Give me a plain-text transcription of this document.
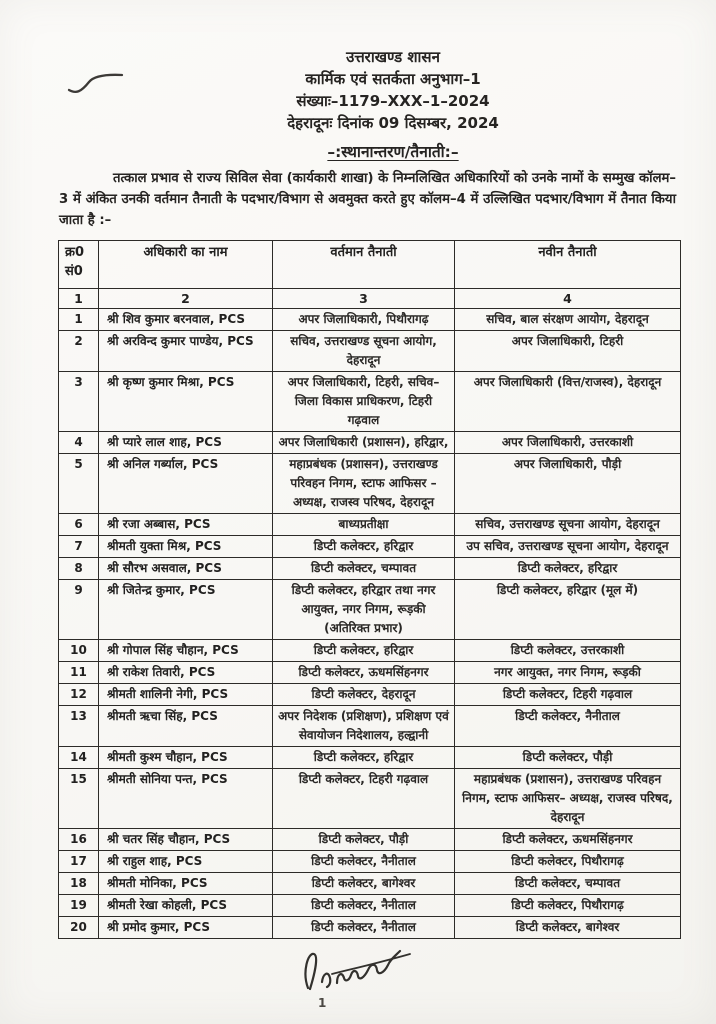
उत्तराखण्ड शासन
कार्मिक एवं सतर्कता अनुभाग–1
संख्याः–1179–XXX–1–2024
देहरादूनः दिनांक 09 दिसम्बर, 2024
–:स्थानान्तरण/तैनाती:–

तत्काल प्रभाव से राज्य सिविल सेवा (कार्यकारी शाखा) के निम्नलिखित अधिकारियों को उनके नामों के सम्मुख कॉलम–3 में अंकित उनकी वर्तमान तैनाती के पदभार/विभाग से अवमुक्त करते हुए कॉलम–4 में उल्लिखित पदभार/विभाग में तैनात किया जाता है :–

क्र0 सं0	अधिकारी का नाम	वर्तमान तैनाती	नवीन तैनाती
1	2	3	4
1	श्री शिव कुमार बरनवाल, PCS	अपर जिलाधिकारी, पिथौरागढ़	सचिव, बाल संरक्षण आयोग, देहरादून
2	श्री अरविन्द कुमार पाण्डेय, PCS	सचिव, उत्तराखण्ड सूचना आयोग, देहरादून	अपर जिलाधिकारी, टिहरी
3	श्री कृष्ण कुमार मिश्रा, PCS	अपर जिलाधिकारी, टिहरी, सचिव–जिला विकास प्राधिकरण, टिहरी गढ़वाल	अपर जिलाधिकारी (वित्त/राजस्व), देहरादून
4	श्री प्यारे लाल शाह, PCS	अपर जिलाधिकारी (प्रशासन), हरिद्वार,	अपर जिलाधिकारी, उत्तरकाशी
5	श्री अनिल गर्ब्याल, PCS	महाप्रबंधक (प्रशासन), उत्तराखण्ड परिवहन निगम, स्टाफ आफिसर –अध्यक्ष, राजस्व परिषद, देहरादून	अपर जिलाधिकारी, पौड़ी
6	श्री रजा अब्बास, PCS	बाध्यप्रतीक्षा	सचिव, उत्तराखण्ड सूचना आयोग, देहरादून
7	श्रीमती युक्ता मिश्र, PCS	डिप्टी कलेक्टर, हरिद्वार	उप सचिव, उत्तराखण्ड सूचना आयोग, देहरादून
8	श्री सौरभ असवाल, PCS	डिप्टी कलेक्टर, चम्पावत	डिप्टी कलेक्टर, हरिद्वार
9	श्री जितेन्द्र कुमार, PCS	डिप्टी कलेक्टर, हरिद्वार तथा नगर आयुक्त, नगर निगम, रूड़की (अतिरिक्त प्रभार)	डिप्टी कलेक्टर, हरिद्वार (मूल में)
10	श्री गोपाल सिंह चौहान, PCS	डिप्टी कलेक्टर, हरिद्वार	डिप्टी कलेक्टर, उत्तरकाशी
11	श्री राकेश तिवारी, PCS	डिप्टी कलेक्टर, ऊधमसिंहनगर	नगर आयुक्त, नगर निगम, रूड़की
12	श्रीमती शालिनी नेगी, PCS	डिप्टी कलेक्टर, देहरादून	डिप्टी कलेक्टर, टिहरी गढ़वाल
13	श्रीमती ऋचा सिंह, PCS	अपर निदेशक (प्रशिक्षण), प्रशिक्षण एवं सेवायोजन निदेशालय, हल्द्वानी	डिप्टी कलेक्टर, नैनीताल
14	श्रीमती कुश्म चौहान, PCS	डिप्टी कलेक्टर, हरिद्वार	डिप्टी कलेक्टर, पौड़ी
15	श्रीमती सोनिया पन्त, PCS	डिप्टी कलेक्टर, टिहरी गढ़वाल	महाप्रबंधक (प्रशासन), उत्तराखण्ड परिवहन निगम, स्टाफ आफिसर– अध्यक्ष, राजस्व परिषद, देहरादून
16	श्री चतर सिंह चौहान, PCS	डिप्टी कलेक्टर, पौड़ी	डिप्टी कलेक्टर, ऊधमसिंहनगर
17	श्री राहुल शाह, PCS	डिप्टी कलेक्टर, नैनीताल	डिप्टी कलेक्टर, पिथौरागढ़
18	श्रीमती मोनिका, PCS	डिप्टी कलेक्टर, बागेश्वर	डिप्टी कलेक्टर, चम्पावत
19	श्रीमती रेखा कोहली, PCS	डिप्टी कलेक्टर, नैनीताल	डिप्टी कलेक्टर, पिथौरागढ़
20	श्री प्रमोद कुमार, PCS	डिप्टी कलेक्टर, नैनीताल	डिप्टी कलेक्टर, बागेश्वर
1
